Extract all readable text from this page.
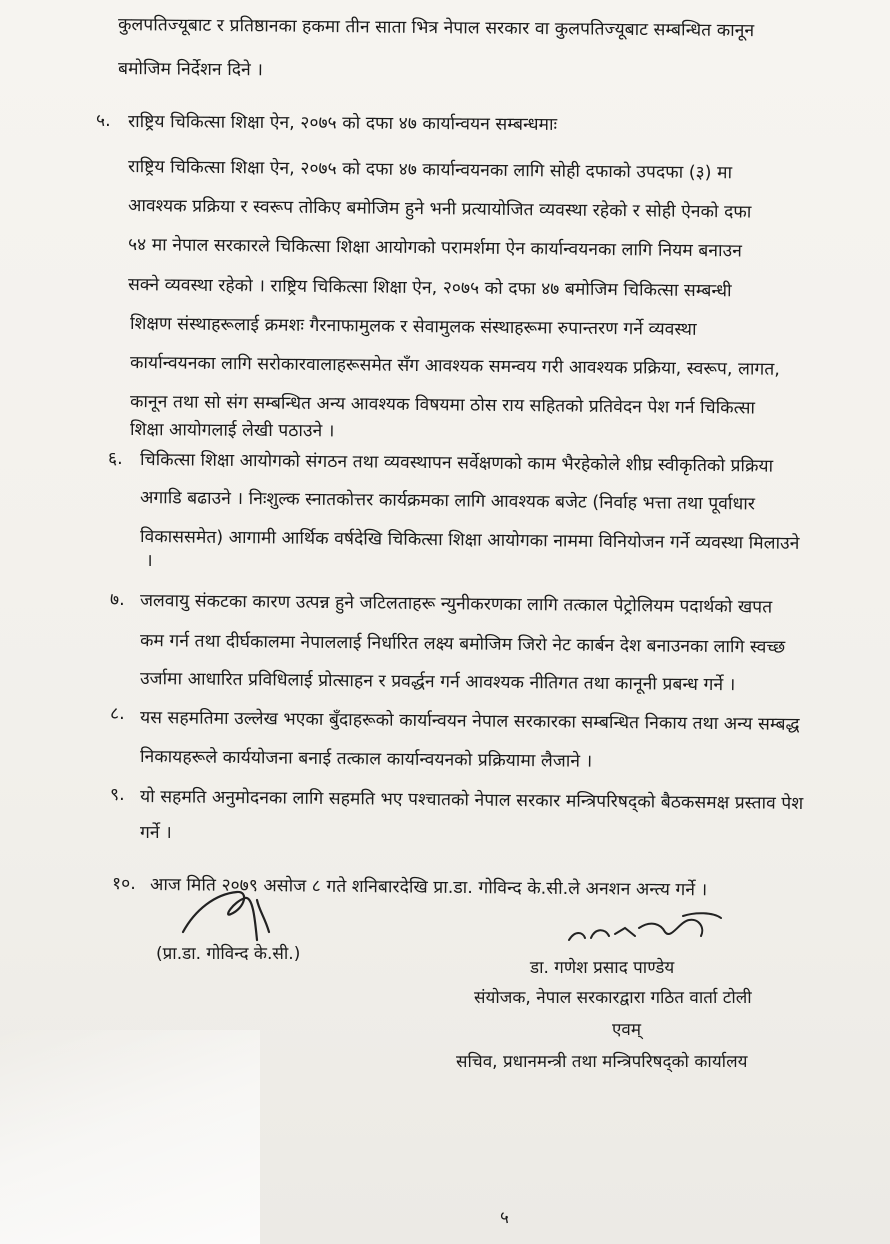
कुलपतिज्यूबाट र प्रतिष्ठानका हकमा तीन साता भित्र नेपाल सरकार वा कुलपतिज्यूबाट सम्बन्धित कानून
बमोजिम निर्देशन दिने ।
५. राष्ट्रिय चिकित्सा शिक्षा ऐन, २०७५ को दफा ४७ कार्यान्वयन सम्बन्धमाः
राष्ट्रिय चिकित्सा शिक्षा ऐन, २०७५ को दफा ४७ कार्यान्वयनका लागि सोही दफाको उपदफा (३) मा
आवश्यक प्रक्रिया र स्वरूप तोकिए बमोजिम हुने भनी प्रत्यायोजित व्यवस्था रहेको र सोही ऐनको दफा
५४ मा नेपाल सरकारले चिकित्सा शिक्षा आयोगको परामर्शमा ऐन कार्यान्वयनका लागि नियम बनाउन
सक्ने व्यवस्था रहेको । राष्ट्रिय चिकित्सा शिक्षा ऐन, २०७५ को दफा ४७ बमोजिम चिकित्सा सम्बन्धी
शिक्षण संस्थाहरूलाई क्रमशः गैरनाफामुलक र सेवामुलक संस्थाहरूमा रुपान्तरण गर्ने व्यवस्था
कार्यान्वयनका लागि सरोकारवालाहरूसमेत सँग आवश्यक समन्वय गरी आवश्यक प्रक्रिया, स्वरूप, लागत,
कानून तथा सो संग सम्बन्धित अन्य आवश्यक विषयमा ठोस राय सहितको प्रतिवेदन पेश गर्न चिकित्सा
शिक्षा आयोगलाई लेखी पठाउने ।
६. चिकित्सा शिक्षा आयोगको संगठन तथा व्यवस्थापन सर्वेक्षणको काम भैरहेकोले शीघ्र स्वीकृतिको प्रक्रिया
अगाडि बढाउने । निःशुल्क स्नातकोत्तर कार्यक्रमका लागि आवश्यक बजेट (निर्वाह भत्ता तथा पूर्वाधार
विकाससमेत) आगामी आर्थिक वर्षदेखि चिकित्सा शिक्षा आयोगका नाममा विनियोजन गर्ने व्यवस्था मिलाउने
।
७. जलवायु संकटका कारण उत्पन्न हुने जटिलताहरू न्युनीकरणका लागि तत्काल पेट्रोलियम पदार्थको खपत
कम गर्न तथा दीर्घकालमा नेपाललाई निर्धारित लक्ष्य बमोजिम जिरो नेट कार्बन देश बनाउनका लागि स्वच्छ
उर्जामा आधारित प्रविधिलाई प्रोत्साहन र प्रवर्द्धन गर्न आवश्यक नीतिगत तथा कानूनी प्रबन्ध गर्ने ।
८. यस सहमतिमा उल्लेख भएका बुँदाहरूको कार्यान्वयन नेपाल सरकारका सम्बन्धित निकाय तथा अन्य सम्बद्ध
निकायहरूले कार्ययोजना बनाई तत्काल कार्यान्वयनको प्रक्रियामा लैजाने ।
९. यो सहमति अनुमोदनका लागि सहमति भए पश्चातको नेपाल सरकार मन्त्रिपरिषद्को बैठकसमक्ष प्रस्ताव पेश
गर्ने ।
१०. आज मिति २०७९ असोज ८ गते शनिबारदेखि प्रा.डा. गोविन्द के.सी.ले अनशन अन्त्य गर्ने ।
(प्रा.डा. गोविन्द के.सी.)
डा. गणेश प्रसाद पाण्डेय
संयोजक, नेपाल सरकारद्वारा गठित वार्ता टोली
एवम्
सचिव, प्रधानमन्त्री तथा मन्त्रिपरिषद्को कार्यालय
५
